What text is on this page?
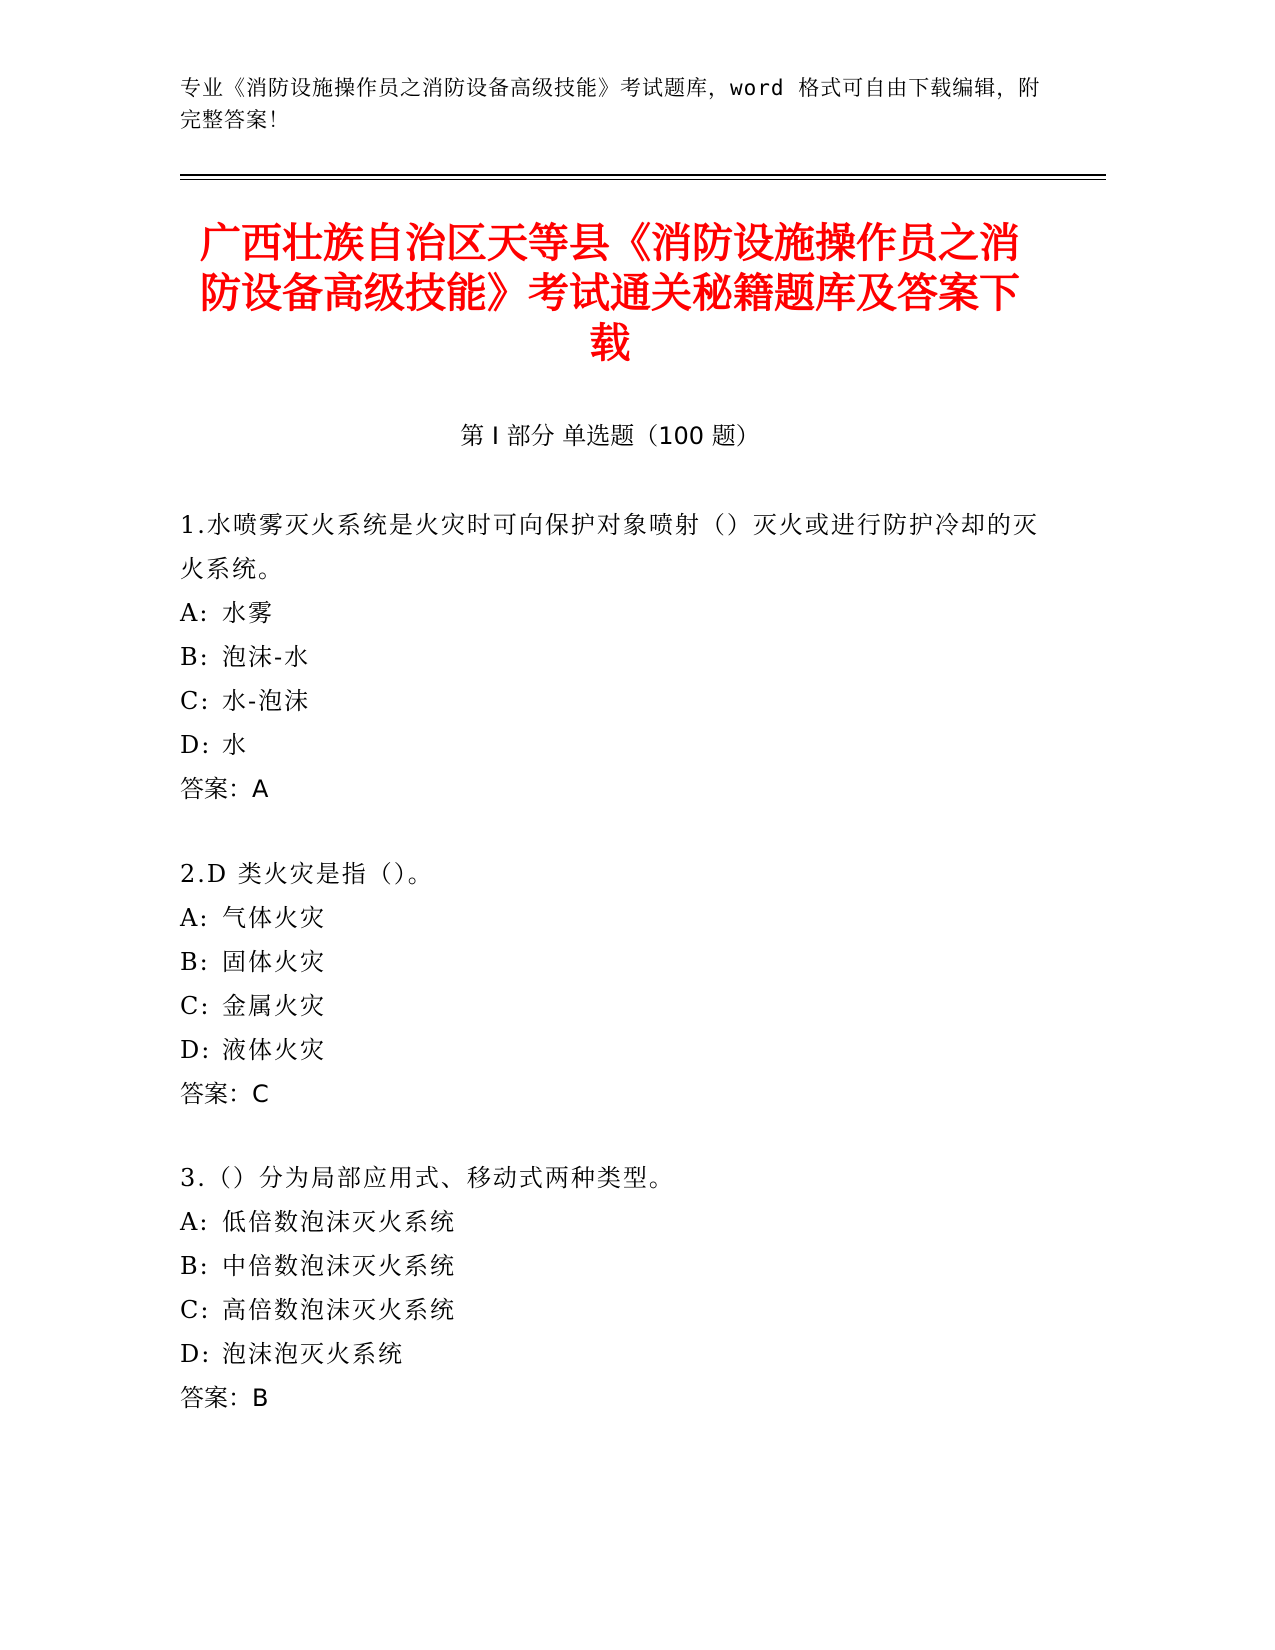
专业《消防设施操作员之消防设备高级技能》考试题库，word 格式可自由下载编辑，附完整答案！
广西壮族自治区天等县《消防设施操作员之消防设备高级技能》考试通关秘籍题库及答案下载
第 I 部分 单选题（100 题）
1.水喷雾灭火系统是火灾时可向保护对象喷射（）灭火或进行防护冷却的灭火系统。
A: 水雾
B: 泡沫-水
C: 水-泡沫
D: 水
答案：A
2.D 类火灾是指（）。
A: 气体火灾
B: 固体火灾
C: 金属火灾
D: 液体火灾
答案：C
3.（）分为局部应用式、移动式两种类型。
A: 低倍数泡沫灭火系统
B: 中倍数泡沫灭火系统
C: 高倍数泡沫灭火系统
D: 泡沫泡灭火系统
答案：B
